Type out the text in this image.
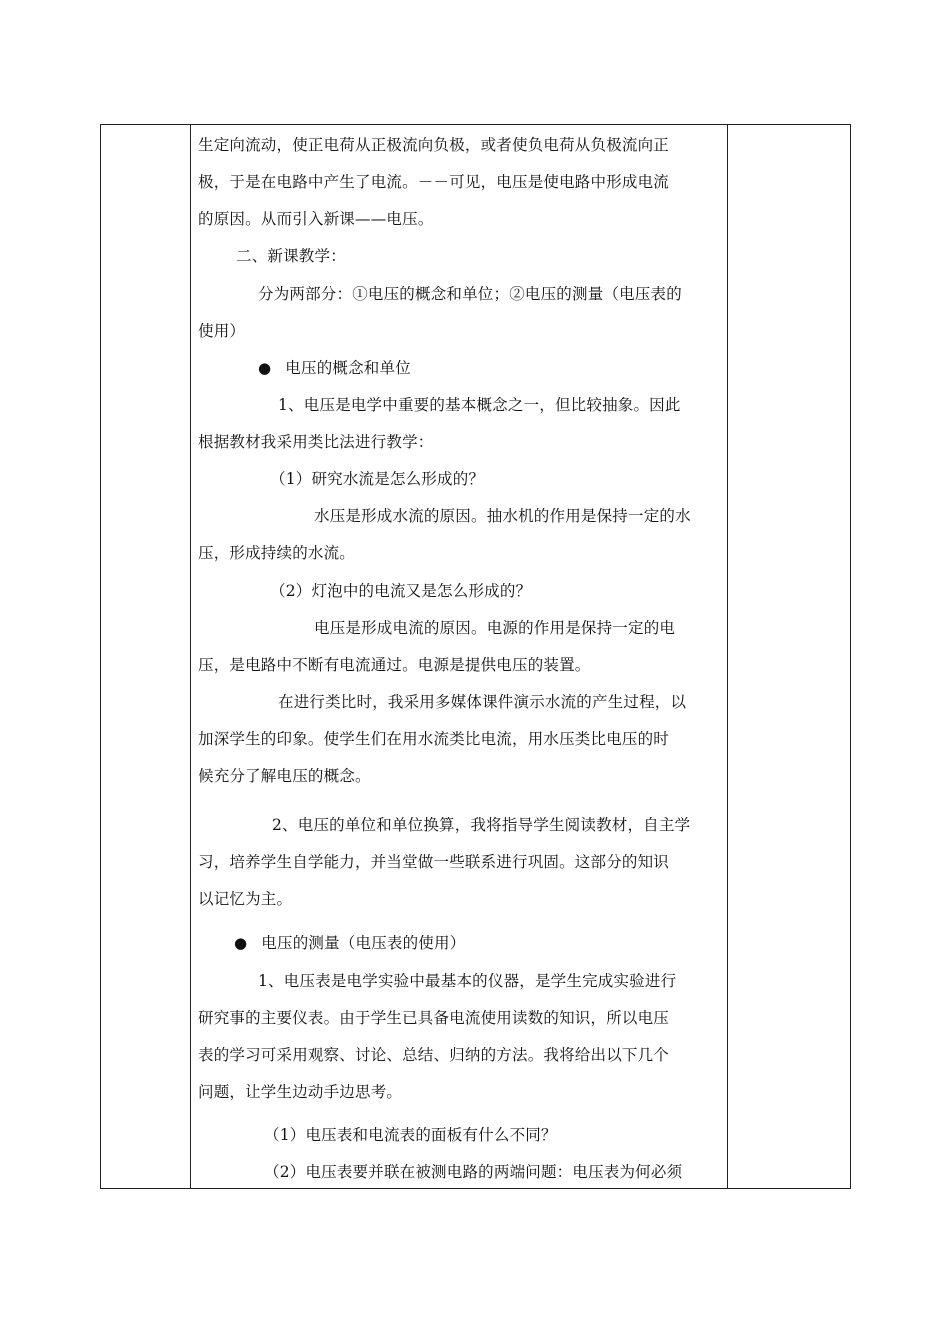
生定向流动，使正电荷从正极流向负极，或者使负电荷从负极流向正
极，于是在电路中产生了电流。－－可见，电压是使电路中形成电流
的原因。从而引入新课——电压。
二、新课教学：
分为两部分：①电压的概念和单位；②电压的测量（电压表的
使用）
● 电压的概念和单位
1、电压是电学中重要的基本概念之一，但比较抽象。因此
根据教材我采用类比法进行教学：
（1）研究水流是怎么形成的？
水压是形成水流的原因。抽水机的作用是保持一定的水
压，形成持续的水流。
（2）灯泡中的电流又是怎么形成的？
电压是形成电流的原因。电源的作用是保持一定的电
压，是电路中不断有电流通过。电源是提供电压的装置。
在进行类比时，我采用多媒体课件演示水流的产生过程，以
加深学生的印象。使学生们在用水流类比电流，用水压类比电压的时
候充分了解电压的概念。
2、电压的单位和单位换算，我将指导学生阅读教材，自主学
习，培养学生自学能力，并当堂做一些联系进行巩固。这部分的知识
以记忆为主。
● 电压的测量（电压表的使用）
1、电压表是电学实验中最基本的仪器，是学生完成实验进行
研究事的主要仪表。由于学生已具备电流使用读数的知识，所以电压
表的学习可采用观察、讨论、总结、归纳的方法。我将给出以下几个
问题，让学生边动手边思考。
（1）电压表和电流表的面板有什么不同？
（2）电压表要并联在被测电路的两端问题：电压表为何必须
